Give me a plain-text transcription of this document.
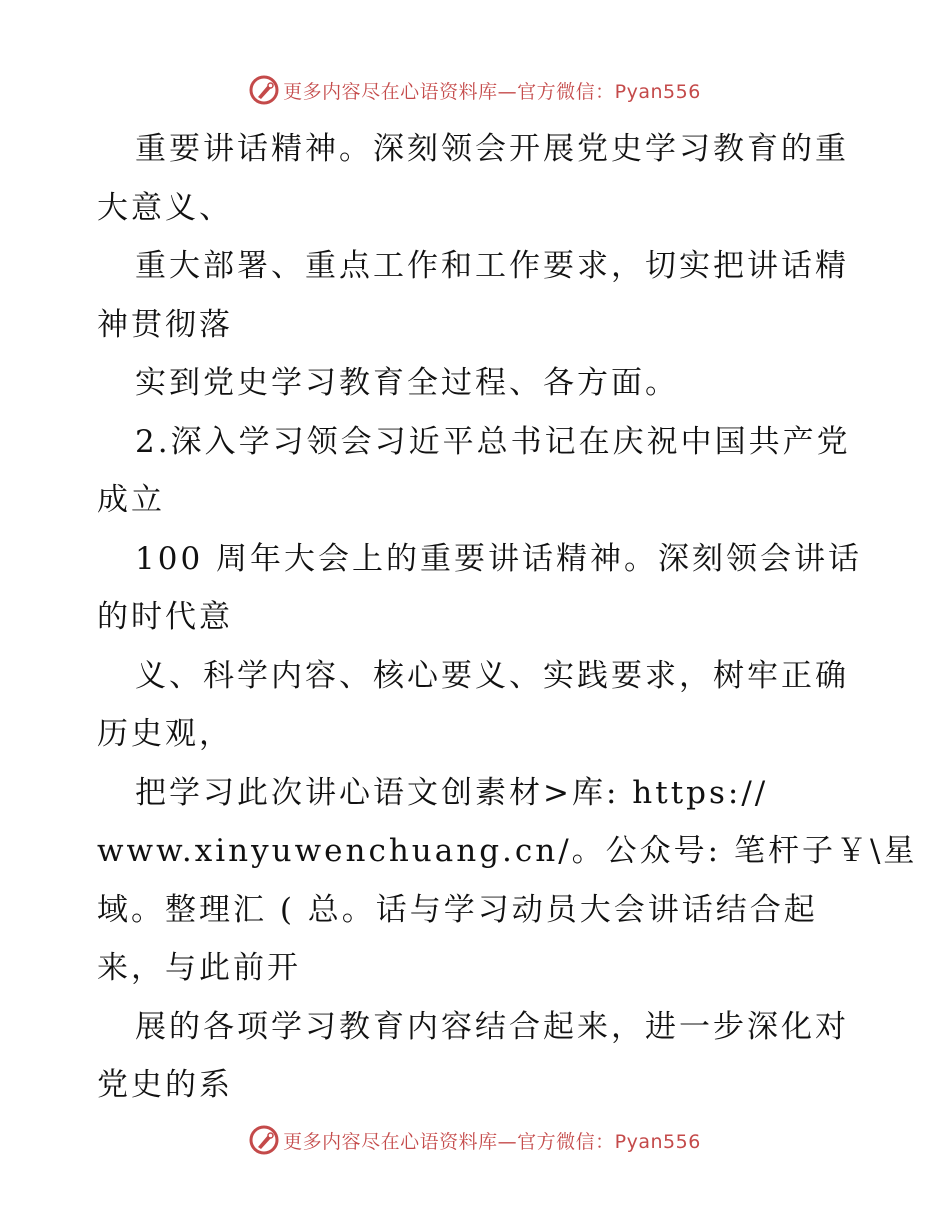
更多内容尽在心语资料库—官方微信：Pyan556
重要讲话精神。深刻领会开展党史学习教育的重
大意义、
重大部署、重点工作和工作要求，切实把讲话精
神贯彻落
实到党史学习教育全过程、各方面。
2.深入学习领会习近平总书记在庆祝中国共产党
成立
100 周年大会上的重要讲话精神。深刻领会讲话
的时代意
义、科学内容、核心要义、实践要求，树牢正确
历史观，
把学习此次讲心语文创素材>库: https://
www.xinyuwenchuang.cn/。公众号: 笔杆子￥\星
域。整理汇 ( 总。话与学习动员大会讲话结合起
来，与此前开
展的各项学习教育内容结合起来，进一步深化对
党史的系
更多内容尽在心语资料库—官方微信：Pyan556
